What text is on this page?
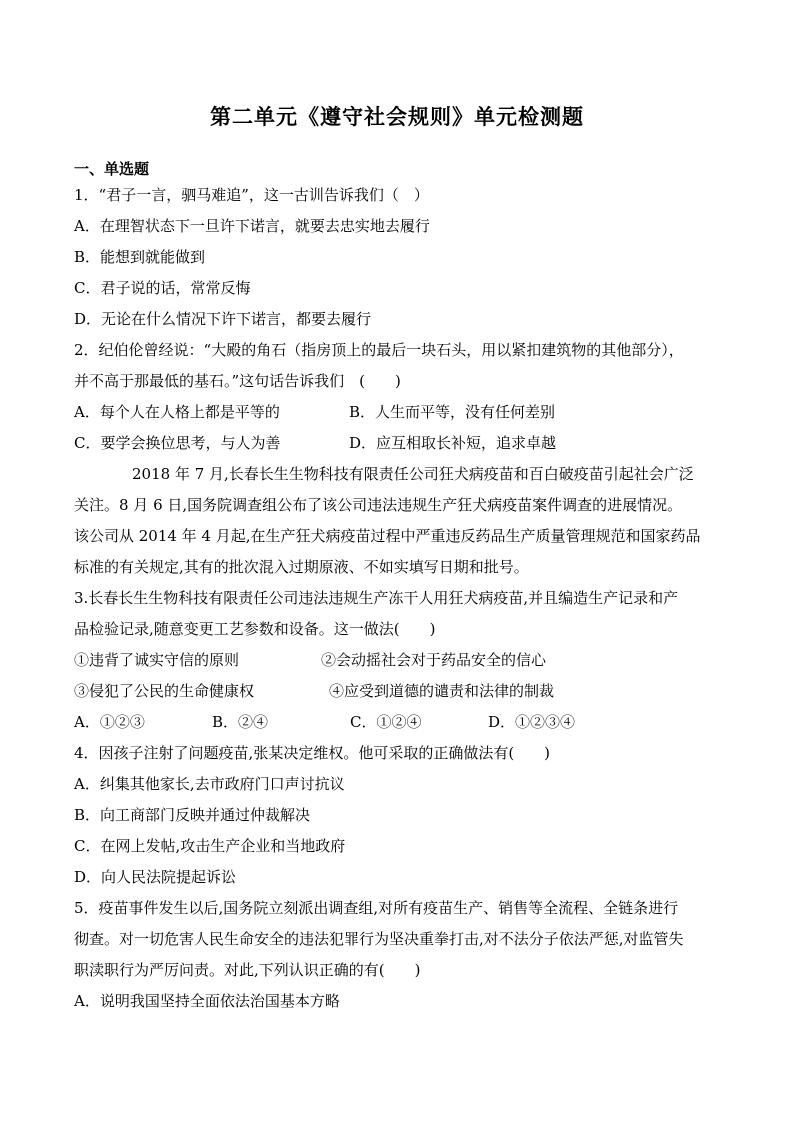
第二单元《遵守社会规则》单元检测题
一、单选题
1．“君子一言，驷马难追”，这一古训告诉我们（　）
A．在理智状态下一旦许下诺言，就要去忠实地去履行
B．能想到就能做到
C．君子说的话，常常反悔
D．无论在什么情况下许下诺言，都要去履行
2．纪伯伦曾经说：“大殿的角石（指房顶上的最后一块石头，用以紧扣建筑物的其他部分），
并不高于那最低的基石。”这句话告诉我们　(　　)
A．每个人在人格上都是平等的	B．人生而平等，没有任何差别
C．要学会换位思考，与人为善	D．应互相取长补短，追求卓越
2018 年 7 月,长春长生生物科技有限责任公司狂犬病疫苗和百白破疫苗引起社会广泛
关注。8 月 6 日,国务院调查组公布了该公司违法违规生产狂犬病疫苗案件调查的进展情况。
该公司从 2014 年 4 月起,在生产狂犬病疫苗过程中严重违反药品生产质量管理规范和国家药品
标准的有关规定,其有的批次混入过期原液、不如实填写日期和批号。
3.长春长生生物科技有限责任公司违法违规生产冻干人用狂犬病疫苗,并且编造生产记录和产
品检验记录,随意变更工艺参数和设备。这一做法(　　)
①违背了诚实守信的原则	②会动摇社会对于药品安全的信心
③侵犯了公民的生命健康权	④应受到道德的谴责和法律的制裁
A．①②③	B．②④	C．①②④	D．①②③④
4．因孩子注射了问题疫苗,张某决定维权。他可采取的正确做法有(　　)
A．纠集其他家长,去市政府门口声讨抗议
B．向工商部门反映并通过仲裁解决
C．在网上发帖,攻击生产企业和当地政府
D．向人民法院提起诉讼
5．疫苗事件发生以后,国务院立刻派出调查组,对所有疫苗生产、销售等全流程、全链条进行
彻查。对一切危害人民生命安全的违法犯罪行为坚决重拳打击,对不法分子依法严惩,对监管失
职渎职行为严厉问责。对此,下列认识正确的有(　　)
A．说明我国坚持全面依法治国基本方略
